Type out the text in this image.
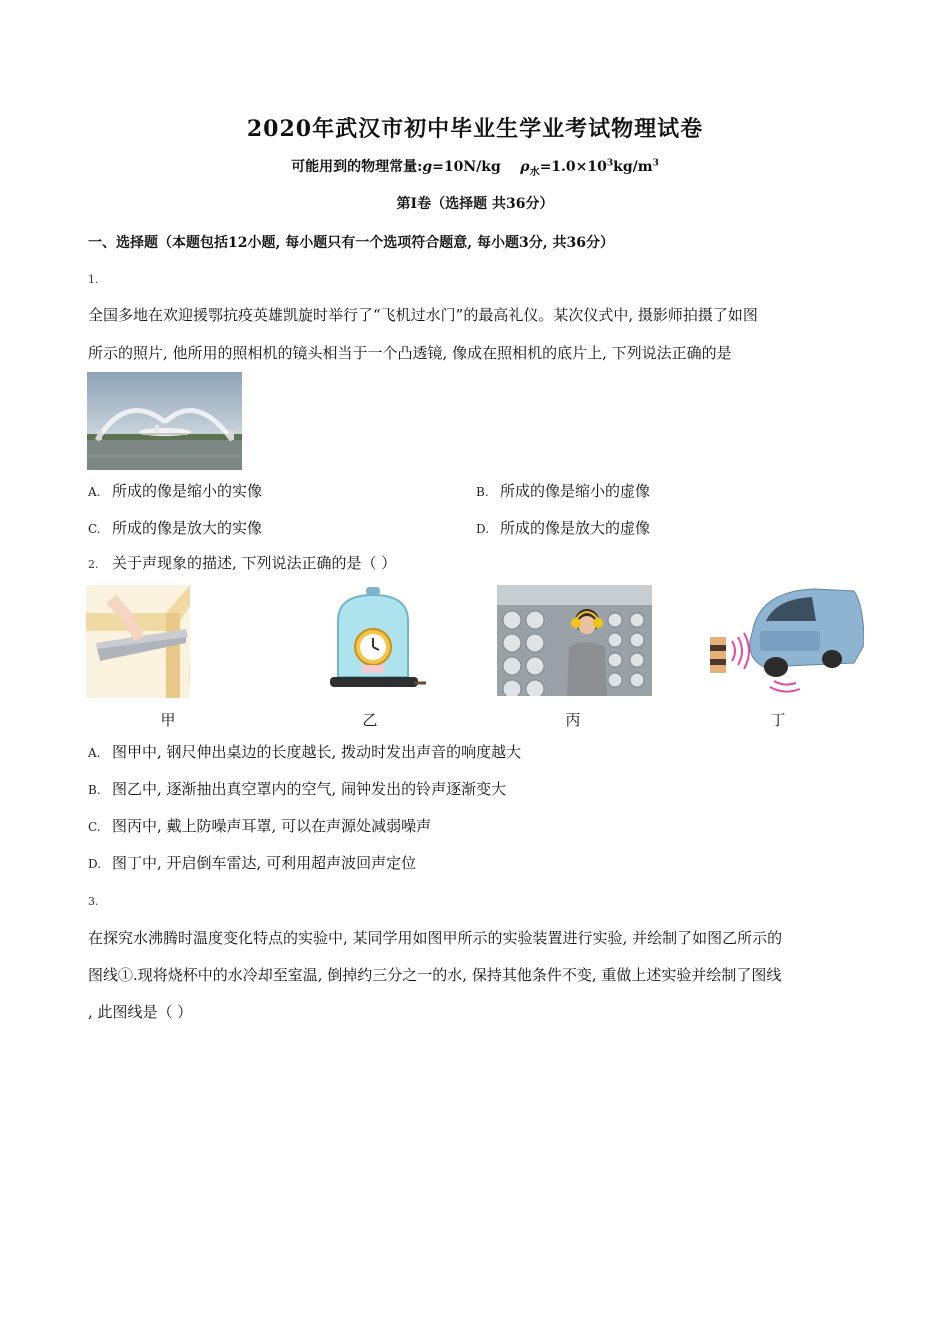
2020年武汉市初中毕业生学业考试物理试卷
可能用到的物理常量:g=10N/kg $\rho_水=1.0\times 10^3kg/m^3$
第I卷（选择题 共36分）
一、选择题（本题包括12小题, 每小题只有一个选项符合题意, 每小题3分, 共36分）
1.
全国多地在欢迎援鄂抗疫英雄凯旋时举行了“飞机过水门”的最高礼仪。某次仪式中, 摄影师拍摄了如图
所示的照片, 他所用的照相机的镜头相当于一个凸透镜, 像成在照相机的底片上, 下列说法正确的是
A. 所成的像是缩小的实像	B. 所成的像是缩小的虚像
C. 所成的像是放大的实像	D. 所成的像是放大的虚像
2. 关于声现象的描述, 下列说法正确的是（ ）
甲	乙	丙	丁
A. 图甲中, 钢尺伸出桌边的长度越长, 拨动时发出声音的响度越大
B. 图乙中, 逐渐抽出真空罩内的空气, 闹钟发出的铃声逐渐变大
C. 图丙中, 戴上防噪声耳罩, 可以在声源处减弱噪声
D. 图丁中, 开启倒车雷达, 可利用超声波回声定位
3.
在探究水沸腾时温度变化特点的实验中, 某同学用如图甲所示的实验装置进行实验, 并绘制了如图乙所示的
图线①.现将烧杯中的水冷却至室温, 倒掉约三分之一的水, 保持其他条件不变, 重做上述实验并绘制了图线
, 此图线是（ ）
